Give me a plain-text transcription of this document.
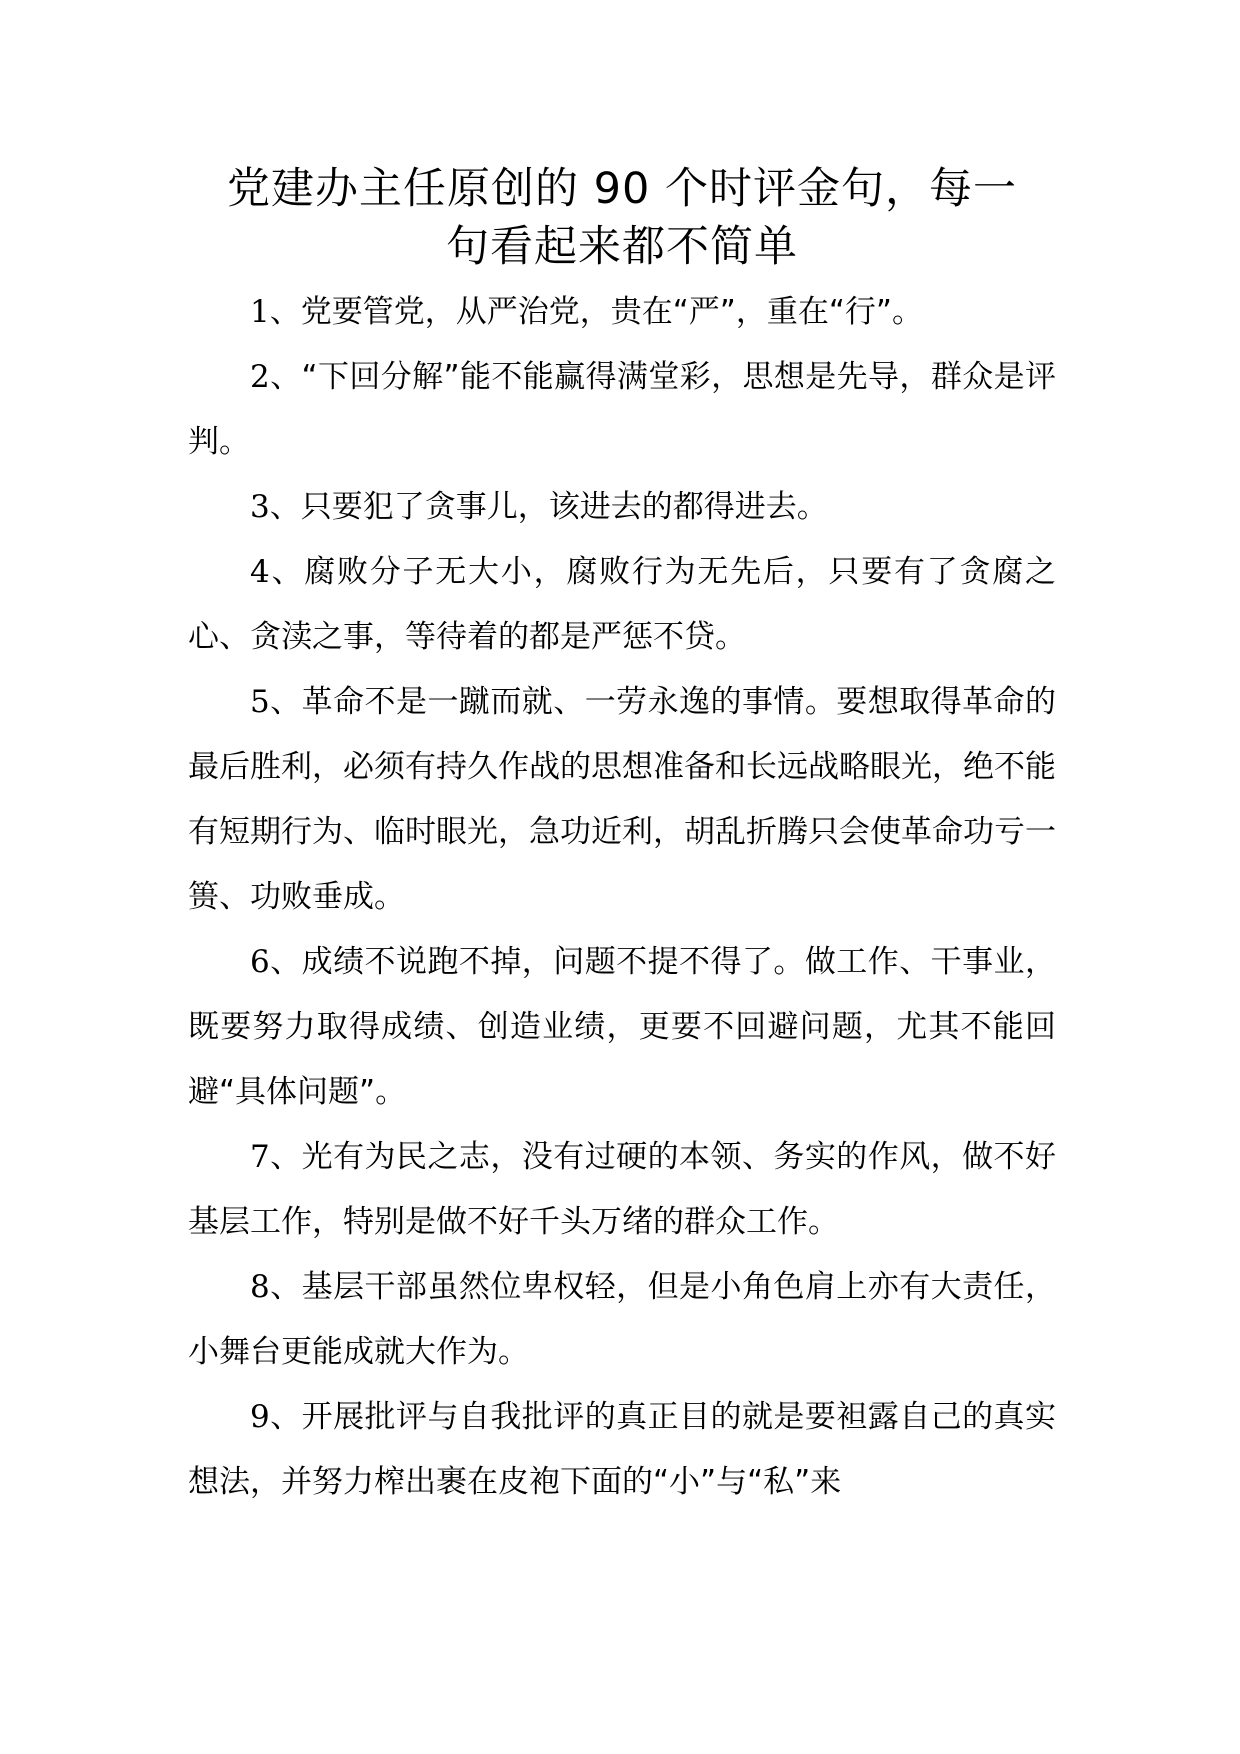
党建办主任原创的 90 个时评金句，每一
句看起来都不简单

1、党要管党，从严治党，贵在“严”，重在“行”。

2、“下回分解”能不能赢得满堂彩，思想是先导，群众是评判。

3、只要犯了贪事儿，该进去的都得进去。

4、腐败分子无大小，腐败行为无先后，只要有了贪腐之心、贪渎之事，等待着的都是严惩不贷。

5、革命不是一蹴而就、一劳永逸的事情。要想取得革命的最后胜利，必须有持久作战的思想准备和长远战略眼光，绝不能有短期行为、临时眼光，急功近利，胡乱折腾只会使革命功亏一篑、功败垂成。

6、成绩不说跑不掉，问题不提不得了。做工作、干事业，既要努力取得成绩、创造业绩，更要不回避问题，尤其不能回避“具体问题”。

7、光有为民之志，没有过硬的本领、务实的作风，做不好基层工作，特别是做不好千头万绪的群众工作。

8、基层干部虽然位卑权轻，但是小角色肩上亦有大责任，小舞台更能成就大作为。

9、开展批评与自我批评的真正目的就是要袒露自己的真实想法，并努力榨出裹在皮袍下面的“小”与“私”来
